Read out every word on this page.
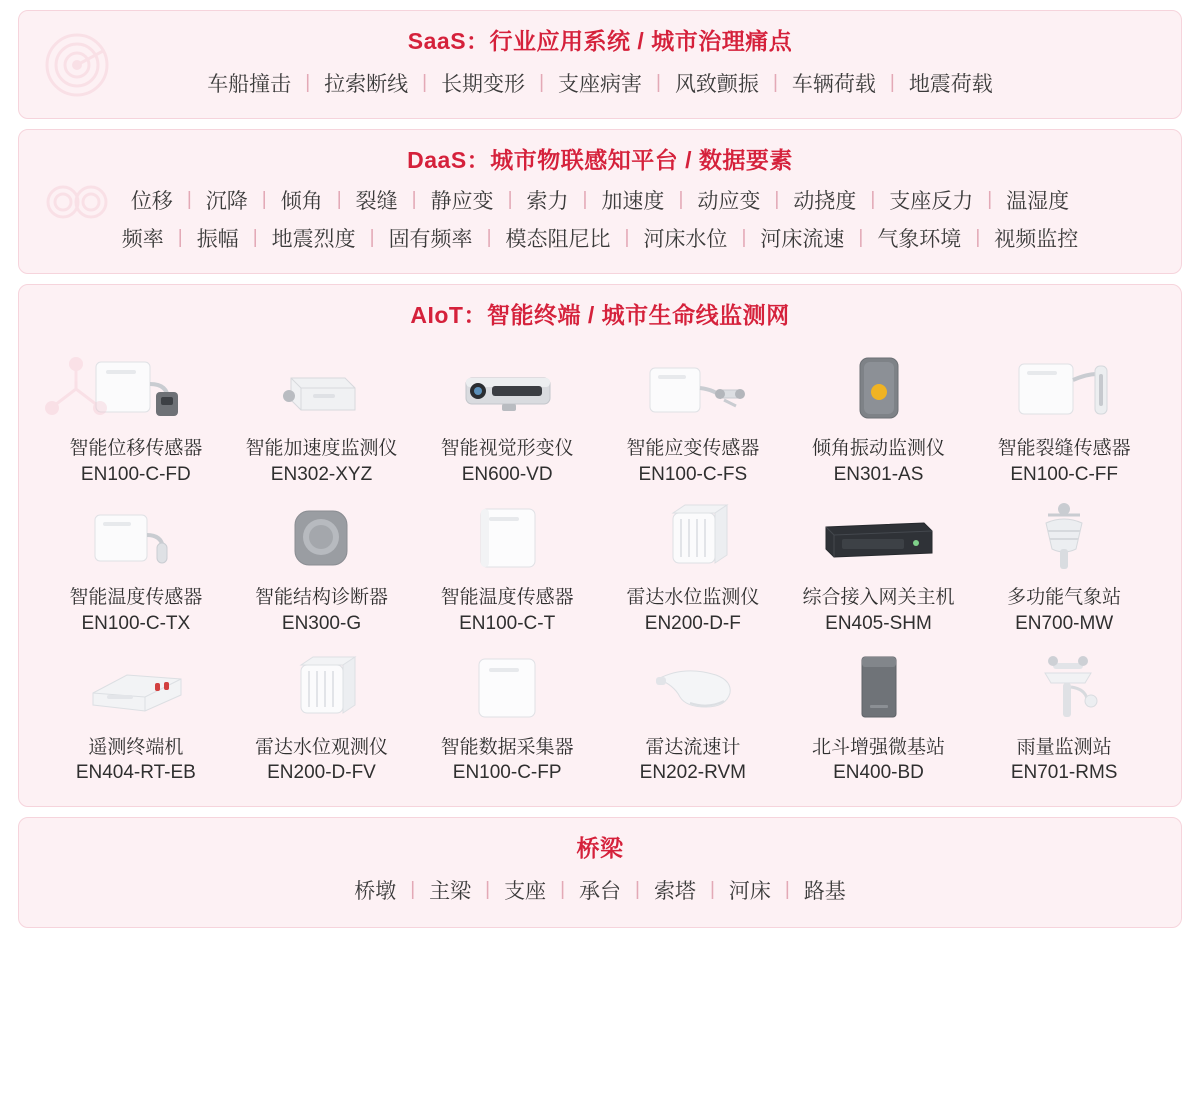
SaaS：行业应用系统 / 城市治理痛点
车船撞击 | 拉索断线 | 长期变形 | 支座病害 | 风致颤振 | 车辆荷载 | 地震荷载
DaaS：城市物联感知平台 / 数据要素
位移 | 沉降 | 倾角 | 裂缝 | 静应变 | 索力 | 加速度 | 动应变 | 动挠度 | 支座反力 | 温湿度
频率 | 振幅 | 地震烈度 | 固有频率 | 模态阻尼比 | 河床水位 | 河床流速 | 气象环境 | 视频监控
AIoT：智能终端 / 城市生命线监测网
智能位移传感器
EN100-C-FD
智能加速度监测仪
EN302-XYZ
智能视觉形变仪
EN600-VD
智能应变传感器
EN100-C-FS
倾角振动监测仪
EN301-AS
智能裂缝传感器
EN100-C-FF
智能温度传感器
EN100-C-TX
智能结构诊断器
EN300-G
智能温度传感器
EN100-C-T
雷达水位监测仪
EN200-D-F
综合接入网关主机
EN405-SHM
多功能气象站
EN700-MW
遥测终端机
EN404-RT-EB
雷达水位观测仪
EN200-D-FV
智能数据采集器
EN100-C-FP
雷达流速计
EN202-RVM
北斗增强微基站
EN400-BD
雨量监测站
EN701-RMS
桥梁
桥墩 | 主梁 | 支座 | 承台 | 索塔 | 河床 | 路基
